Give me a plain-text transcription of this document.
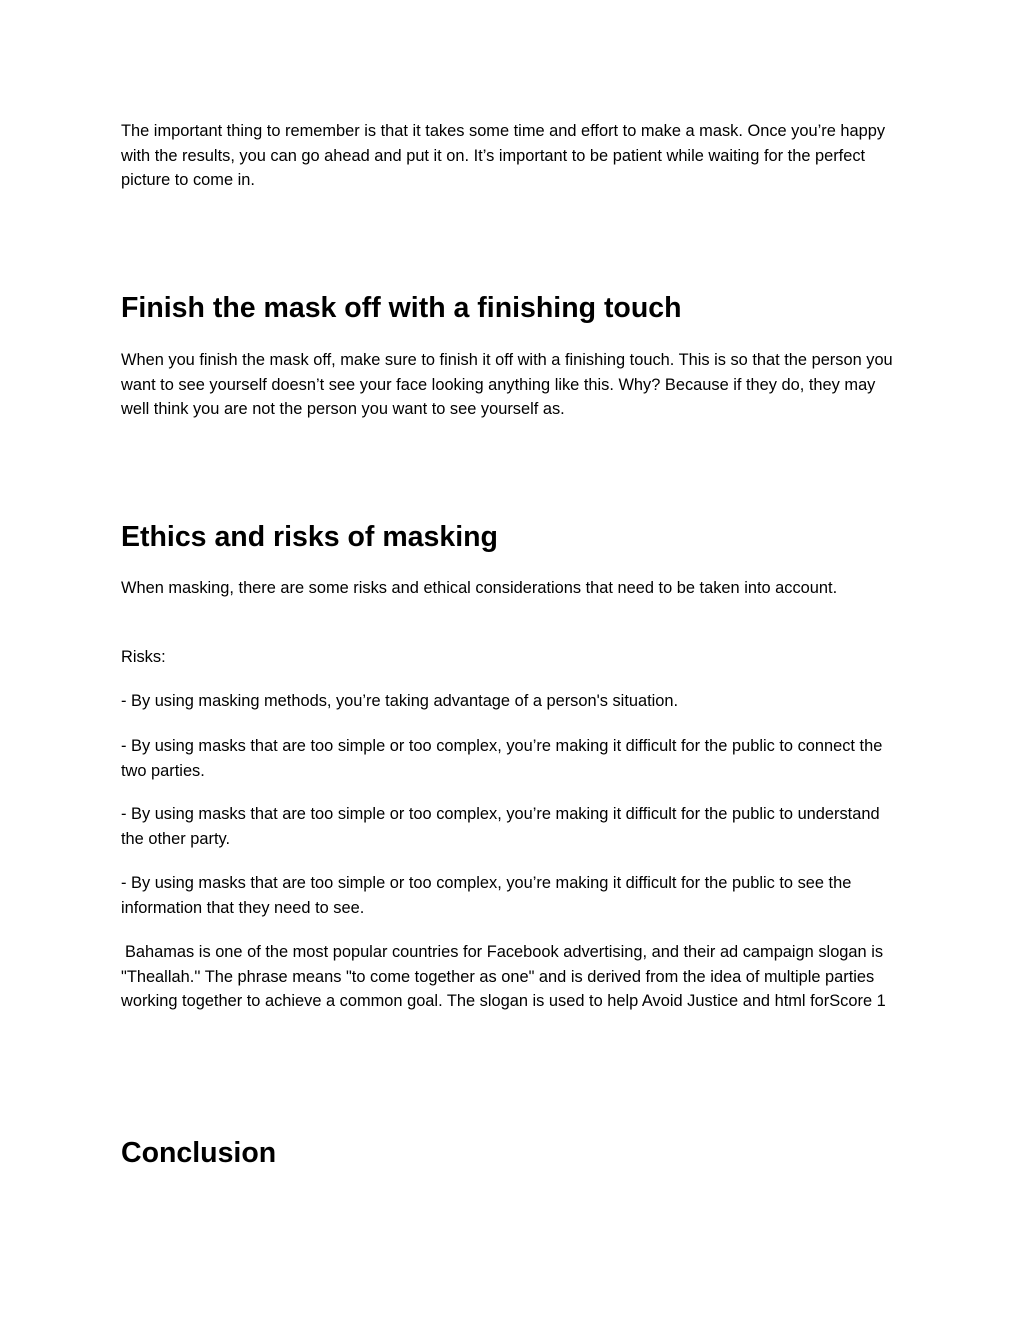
The important thing to remember is that it takes some time and effort to make a mask. Once you’re happy with the results, you can go ahead and put it on. It’s important to be patient while waiting for the perfect picture to come in.

Finish the mask off with a finishing touch

When you finish the mask off, make sure to finish it off with a finishing touch. This is so that the person you want to see yourself doesn’t see your face looking anything like this. Why? Because if they do, they may well think you are not the person you want to see yourself as.

Ethics and risks of masking

When masking, there are some risks and ethical considerations that need to be taken into account.

Risks:

- By using masking methods, you’re taking advantage of a person's situation.

- By using masks that are too simple or too complex, you’re making it difficult for the public to connect the two parties.

- By using masks that are too simple or too complex, you’re making it difficult for the public to understand the other party.

- By using masks that are too simple or too complex, you’re making it difficult for the public to see the information that they need to see.

Bahamas is one of the most popular countries for Facebook advertising, and their ad campaign slogan is "Theallah.'' The phrase means "to come together as one" and is derived from the idea of multiple parties working together to achieve a common goal. The slogan is used to help Avoid Justice and html forScore 1

Conclusion
